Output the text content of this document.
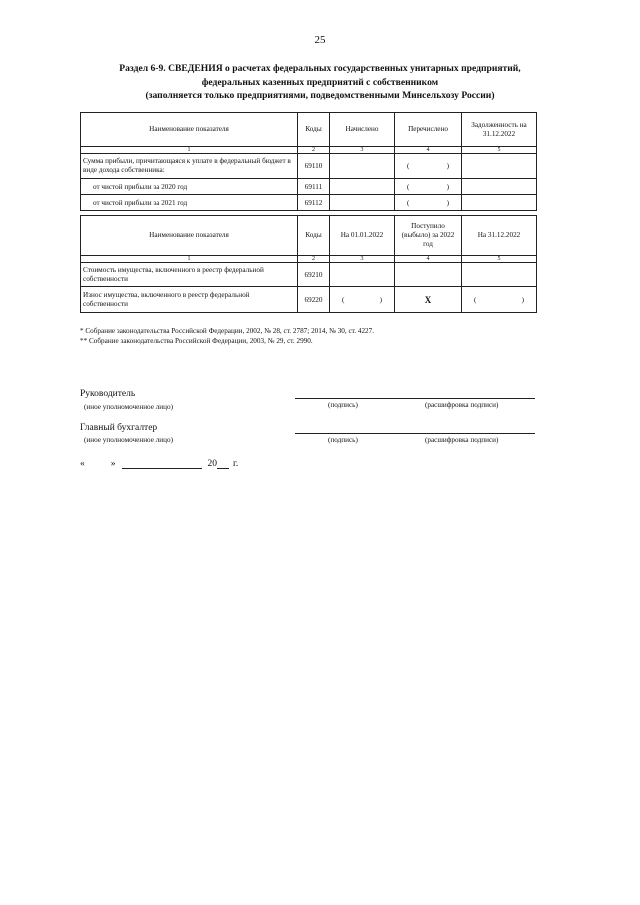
25
Раздел 6-9. СВЕДЕНИЯ о расчетах федеральных государственных унитарных предприятий,
федеральных казенных предприятий с собственником
(заполняется только предприятиями, подведомственными Минсельхозу России)
Наименование показателя	Коды	Начислено	Перечислено	Задолженность на 31.12.2022
1	2	3	4	5
Сумма прибыли, причитающаяся к уплате в федеральный бюджет в виде дохода собственника:	69110		( )	

от чистой прибыли за 2020 год	69111		( )	

от чистой прибыли за 2021 год	69112		( )	

Наименование показателя	Коды	На 01.01.2022	Поступило (выбыло) за 2022 год	На 31.12.2022
1	2	3	4	5
Стоимость имущества, включенного в реестр федеральной собственности	69210			
Износ имущества, включенного в реестр федеральной собственности	69220	( )	X	( )
* Собрание законодательства Российской Федерации, 2002, № 28, ст. 2787; 2014, № 30, ст. 4227.
** Собрание законодательства Российской Федерации, 2003, № 29, ст. 2990.
Руководитель
(иное уполномоченное лицо)	(подпись)	(расшифровка подписи)
Главный бухгалтер
(иное уполномоченное лицо)	(подпись)	(расшифровка подписи)
«	»	20 г.
